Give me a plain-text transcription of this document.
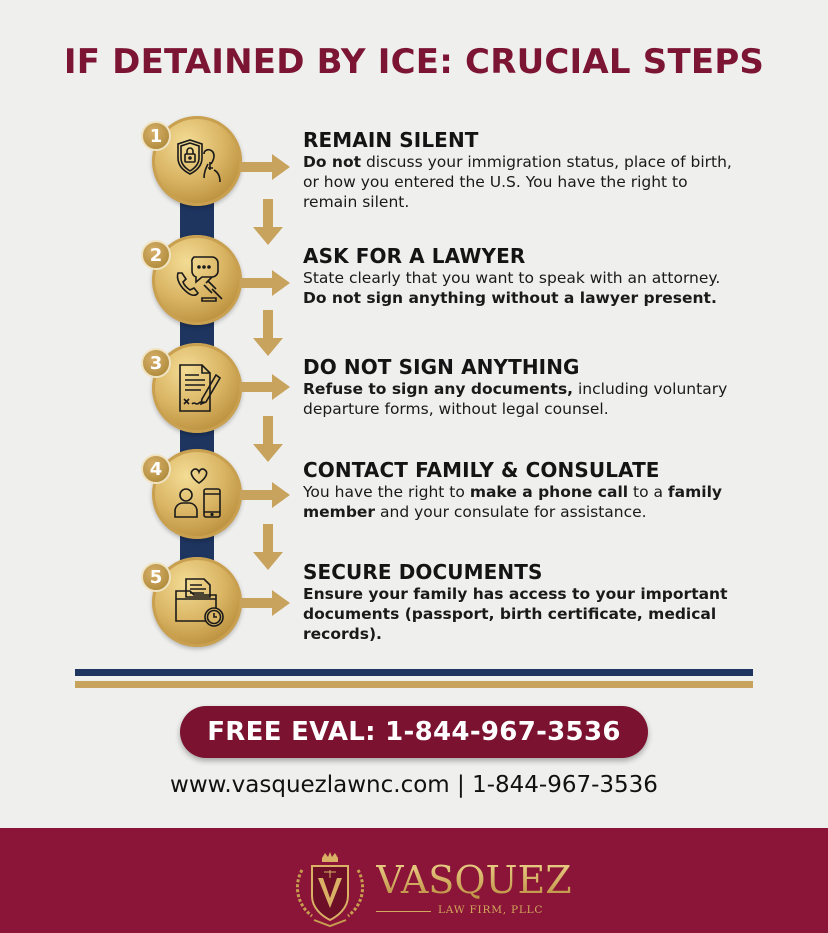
IF DETAINED BY ICE: CRUCIAL STEPS
1	REMAIN SILENT

Do not discuss your immigration status, place of birth, or how you entered the U.S. You have the right to remain silent.

2	ASK FOR A LAWYER

State clearly that you want to speak with an attorney. Do not sign anything without a lawyer present.

3	DO NOT SIGN ANYTHING

Refuse to sign any documents, including voluntary departure forms, without legal counsel.

4	CONTACT FAMILY & CONSULATE

You have the right to make a phone call to a family member and your consulate for assistance.

5	SECURE DOCUMENTS

Ensure your family has access to your important documents (passport, birth certificate, medical records).

FREE EVAL: 1-844-967-3536
www.vasquezlawnc.com | 1-844-967-3536
VASQUEZ
LAW FIRM, PLLC
